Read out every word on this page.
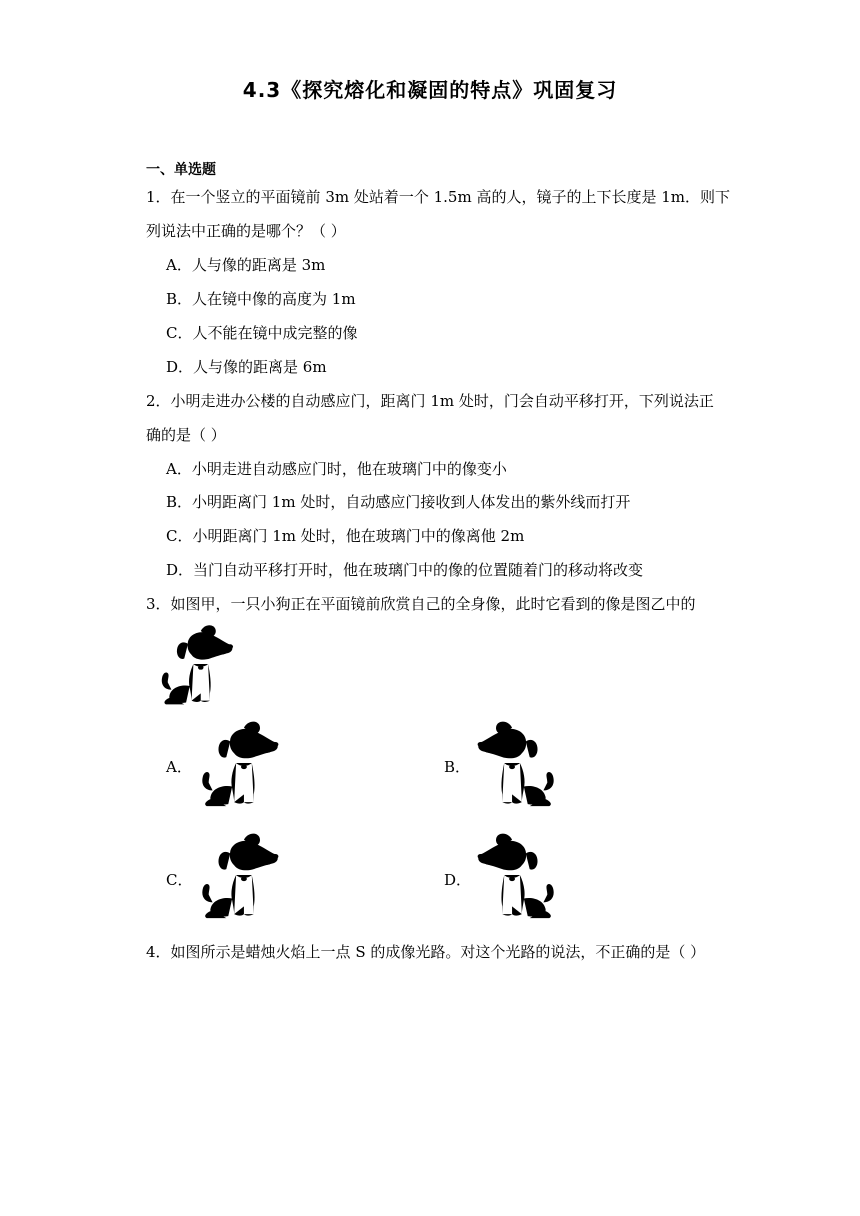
4.3《探究熔化和凝固的特点》巩固复习
一、单选题
1．在一个竖立的平面镜前 3m 处站着一个 1.5m 高的人，镜子的上下长度是 1m．则下
列说法中正确的是哪个？（ ）
A．人与像的距离是 3m
B．人在镜中像的高度为 1m
C．人不能在镜中成完整的像
D．人与像的距离是 6m
2．小明走进办公楼的自动感应门，距离门 1m 处时，门会自动平移打开，下列说法正
确的是（ ）
A．小明走进自动感应门时，他在玻璃门中的像变小
B．小明距离门 1m 处时，自动感应门接收到人体发出的紫外线而打开
C．小明距离门 1m 处时，他在玻璃门中的像离他 2m
D．当门自动平移打开时，他在玻璃门中的像的位置随着门的移动将改变
3．如图甲，一只小狗正在平面镜前欣赏自己的全身像，此时它看到的像是图乙中的
A．	B．
C．	D．
4．如图所示是蜡烛火焰上一点 S 的成像光路。对这个光路的说法，不正确的是（ ）
